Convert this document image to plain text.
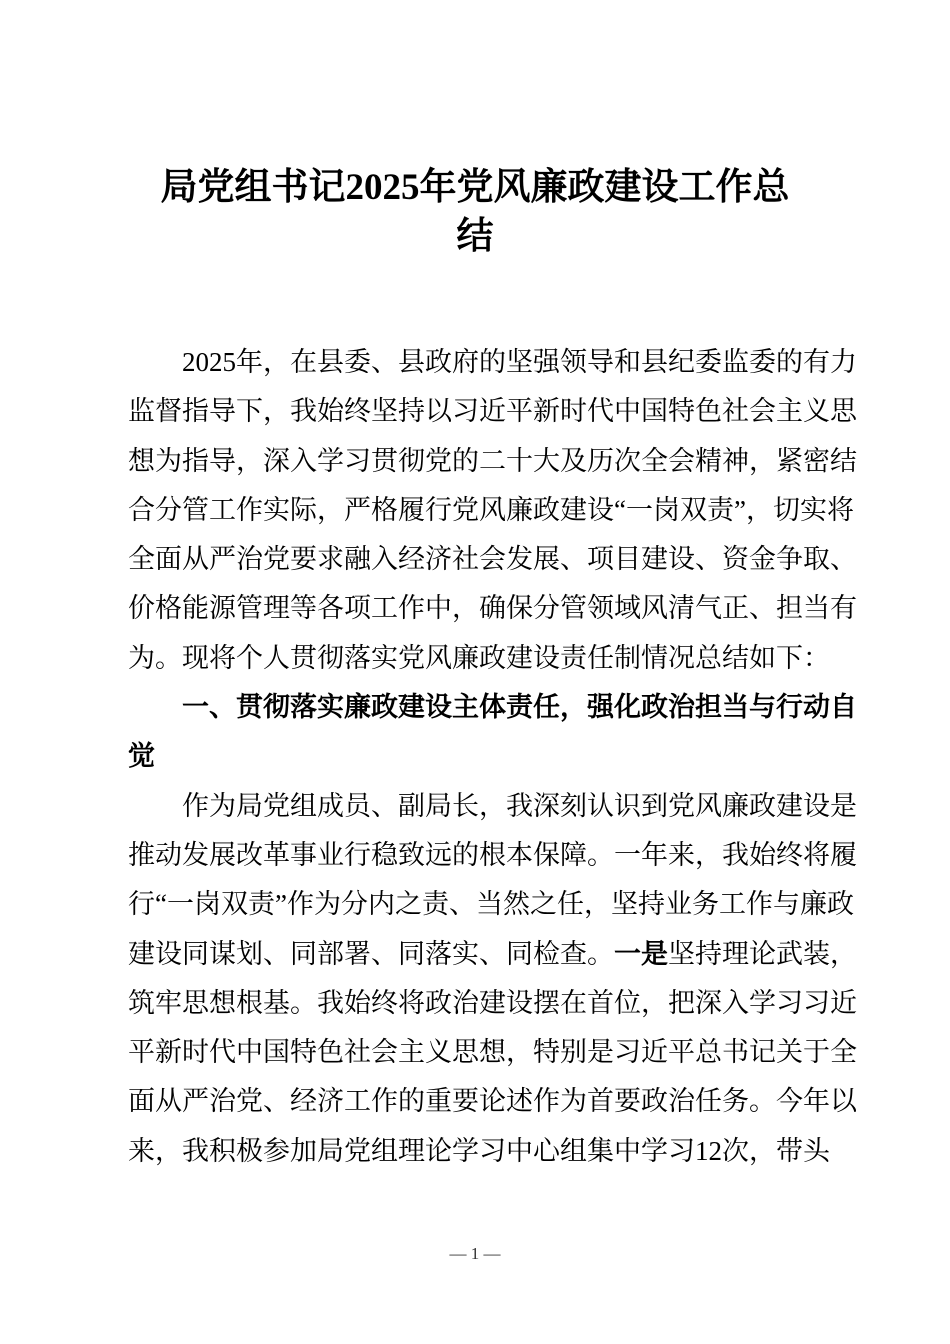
局党组书记2025年党风廉政建设工作总
结
2025年，在县委、县政府的坚强领导和县纪委监委的有力
监督指导下，我始终坚持以习近平新时代中国特色社会主义思
想为指导，深入学习贯彻党的二十大及历次全会精神，紧密结
合分管工作实际，严格履行党风廉政建设“一岗双责”，切实将
全面从严治党要求融入经济社会发展、项目建设、资金争取、
价格能源管理等各项工作中，确保分管领域风清气正、担当有
为。现将个人贯彻落实党风廉政建设责任制情况总结如下：
一、贯彻落实廉政建设主体责任，强化政治担当与行动自
觉
作为局党组成员、副局长，我深刻认识到党风廉政建设是
推动发展改革事业行稳致远的根本保障。一年来，我始终将履
行“一岗双责”作为分内之责、当然之任，坚持业务工作与廉政
建设同谋划、同部署、同落实、同检查。一是坚持理论武装，
筑牢思想根基。我始终将政治建设摆在首位，把深入学习习近
平新时代中国特色社会主义思想，特别是习近平总书记关于全
面从严治党、经济工作的重要论述作为首要政治任务。今年以
来，我积极参加局党组理论学习中心组集中学习12次，带头
— 1 —
